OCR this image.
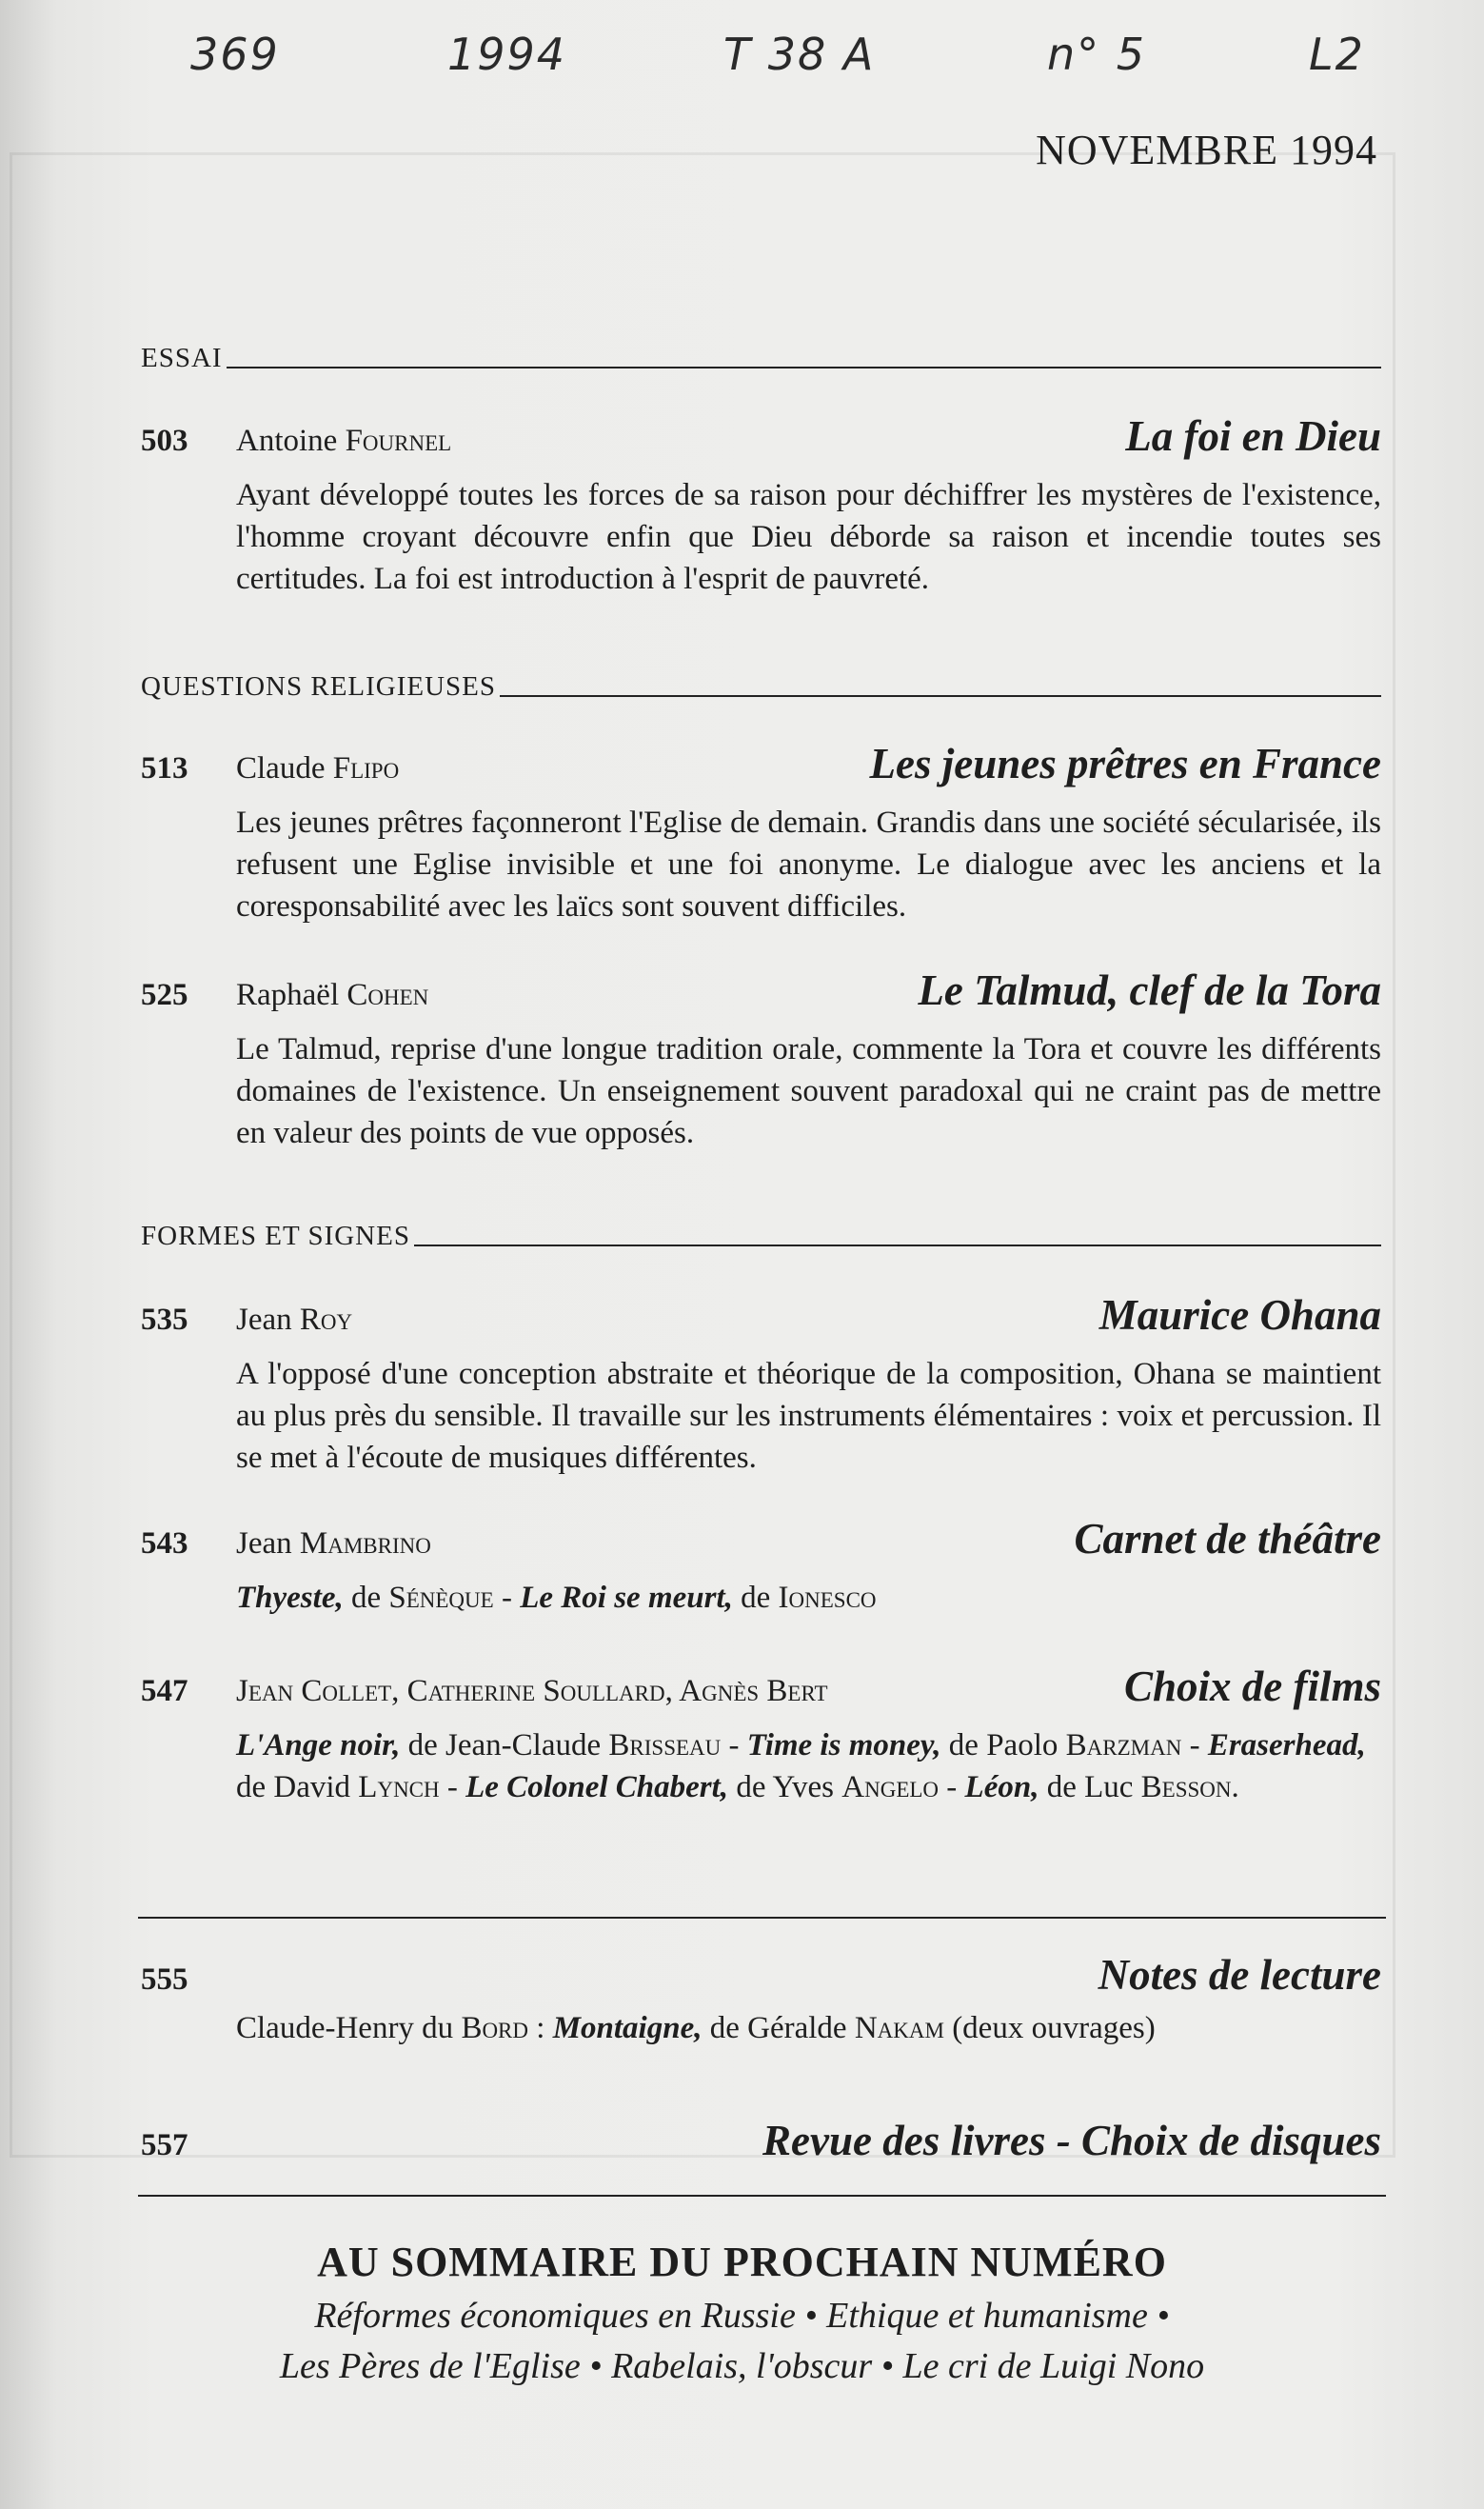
369	1994	T 38 A	n° 5	L2
NOVEMBRE 1994
ESSAI
503	Antoine Fournel	La foi en Dieu
Ayant développé toutes les forces de sa raison pour déchiffrer les mystères de l'existence, l'homme croyant découvre enfin que Dieu déborde sa raison et incendie toutes ses certitudes. La foi est introduction à l'esprit de pauvreté.
QUESTIONS RELIGIEUSES
513	Claude Flipo	Les jeunes prêtres en France
Les jeunes prêtres façonneront l'Eglise de demain. Grandis dans une société sécularisée, ils refusent une Eglise invisible et une foi anonyme. Le dialogue avec les anciens et la coresponsabilité avec les laïcs sont souvent difficiles.
525	Raphaël Cohen	Le Talmud, clef de la Tora
Le Talmud, reprise d'une longue tradition orale, commente la Tora et couvre les différents domaines de l'existence. Un enseignement souvent paradoxal qui ne craint pas de mettre en valeur des points de vue opposés.
FORMES ET SIGNES
535	Jean Roy	Maurice Ohana
A l'opposé d'une conception abstraite et théorique de la composition, Ohana se maintient au plus près du sensible. Il travaille sur les instruments élémentaires : voix et percussion. Il se met à l'écoute de musiques différentes.
543	Jean Mambrino	Carnet de théâtre
Thyeste, de Sénèque - Le Roi se meurt, de Ionesco
547	Jean Collet, Catherine Soullard, Agnès Bert	Choix de films
L'Ange noir, de Jean-Claude Brisseau - Time is money, de Paolo Barzman - Eraserhead, de David Lynch - Le Colonel Chabert, de Yves Angelo - Léon, de Luc Besson.
555	Notes de lecture
Claude-Henry du Bord : Montaigne, de Géralde Nakam (deux ouvrages)
557	Revue des livres - Choix de disques
AU SOMMAIRE DU PROCHAIN NUMÉRO
Réformes économiques en Russie • Ethique et humanisme •
Les Pères de l'Eglise • Rabelais, l'obscur • Le cri de Luigi Nono
